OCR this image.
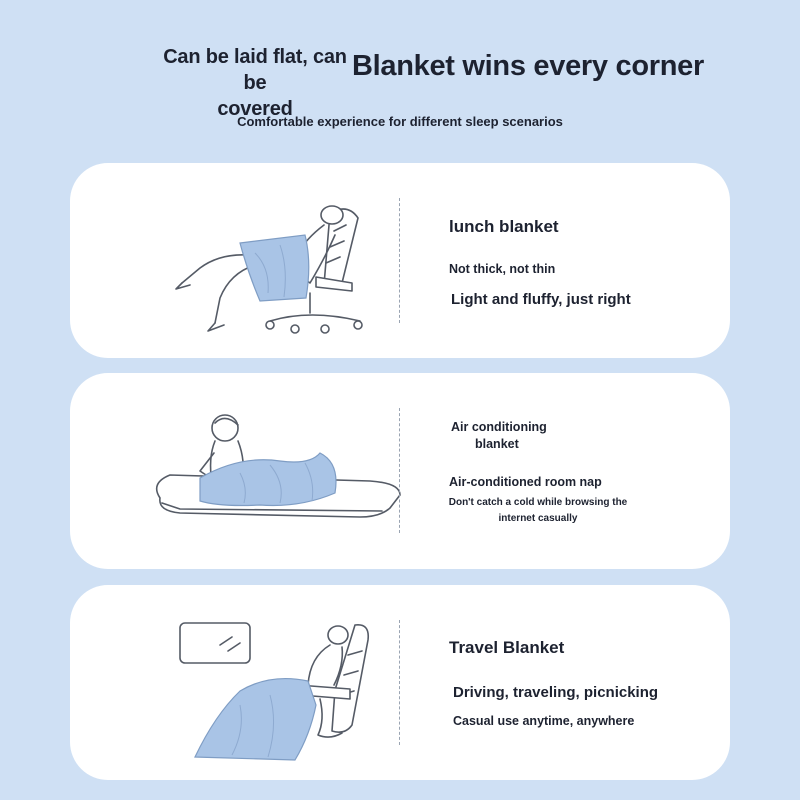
Can be laid flat, can be
covered
Blanket wins every corner
Comfortable experience for different sleep scenarios
lunch blanket
Not thick, not thin
Light and fluffy, just right
Air conditioning
blanket
Air-conditioned room nap
Don't catch a cold while browsing the
internet casually
Travel Blanket
Driving, traveling, picnicking
Casual use anytime, anywhere
